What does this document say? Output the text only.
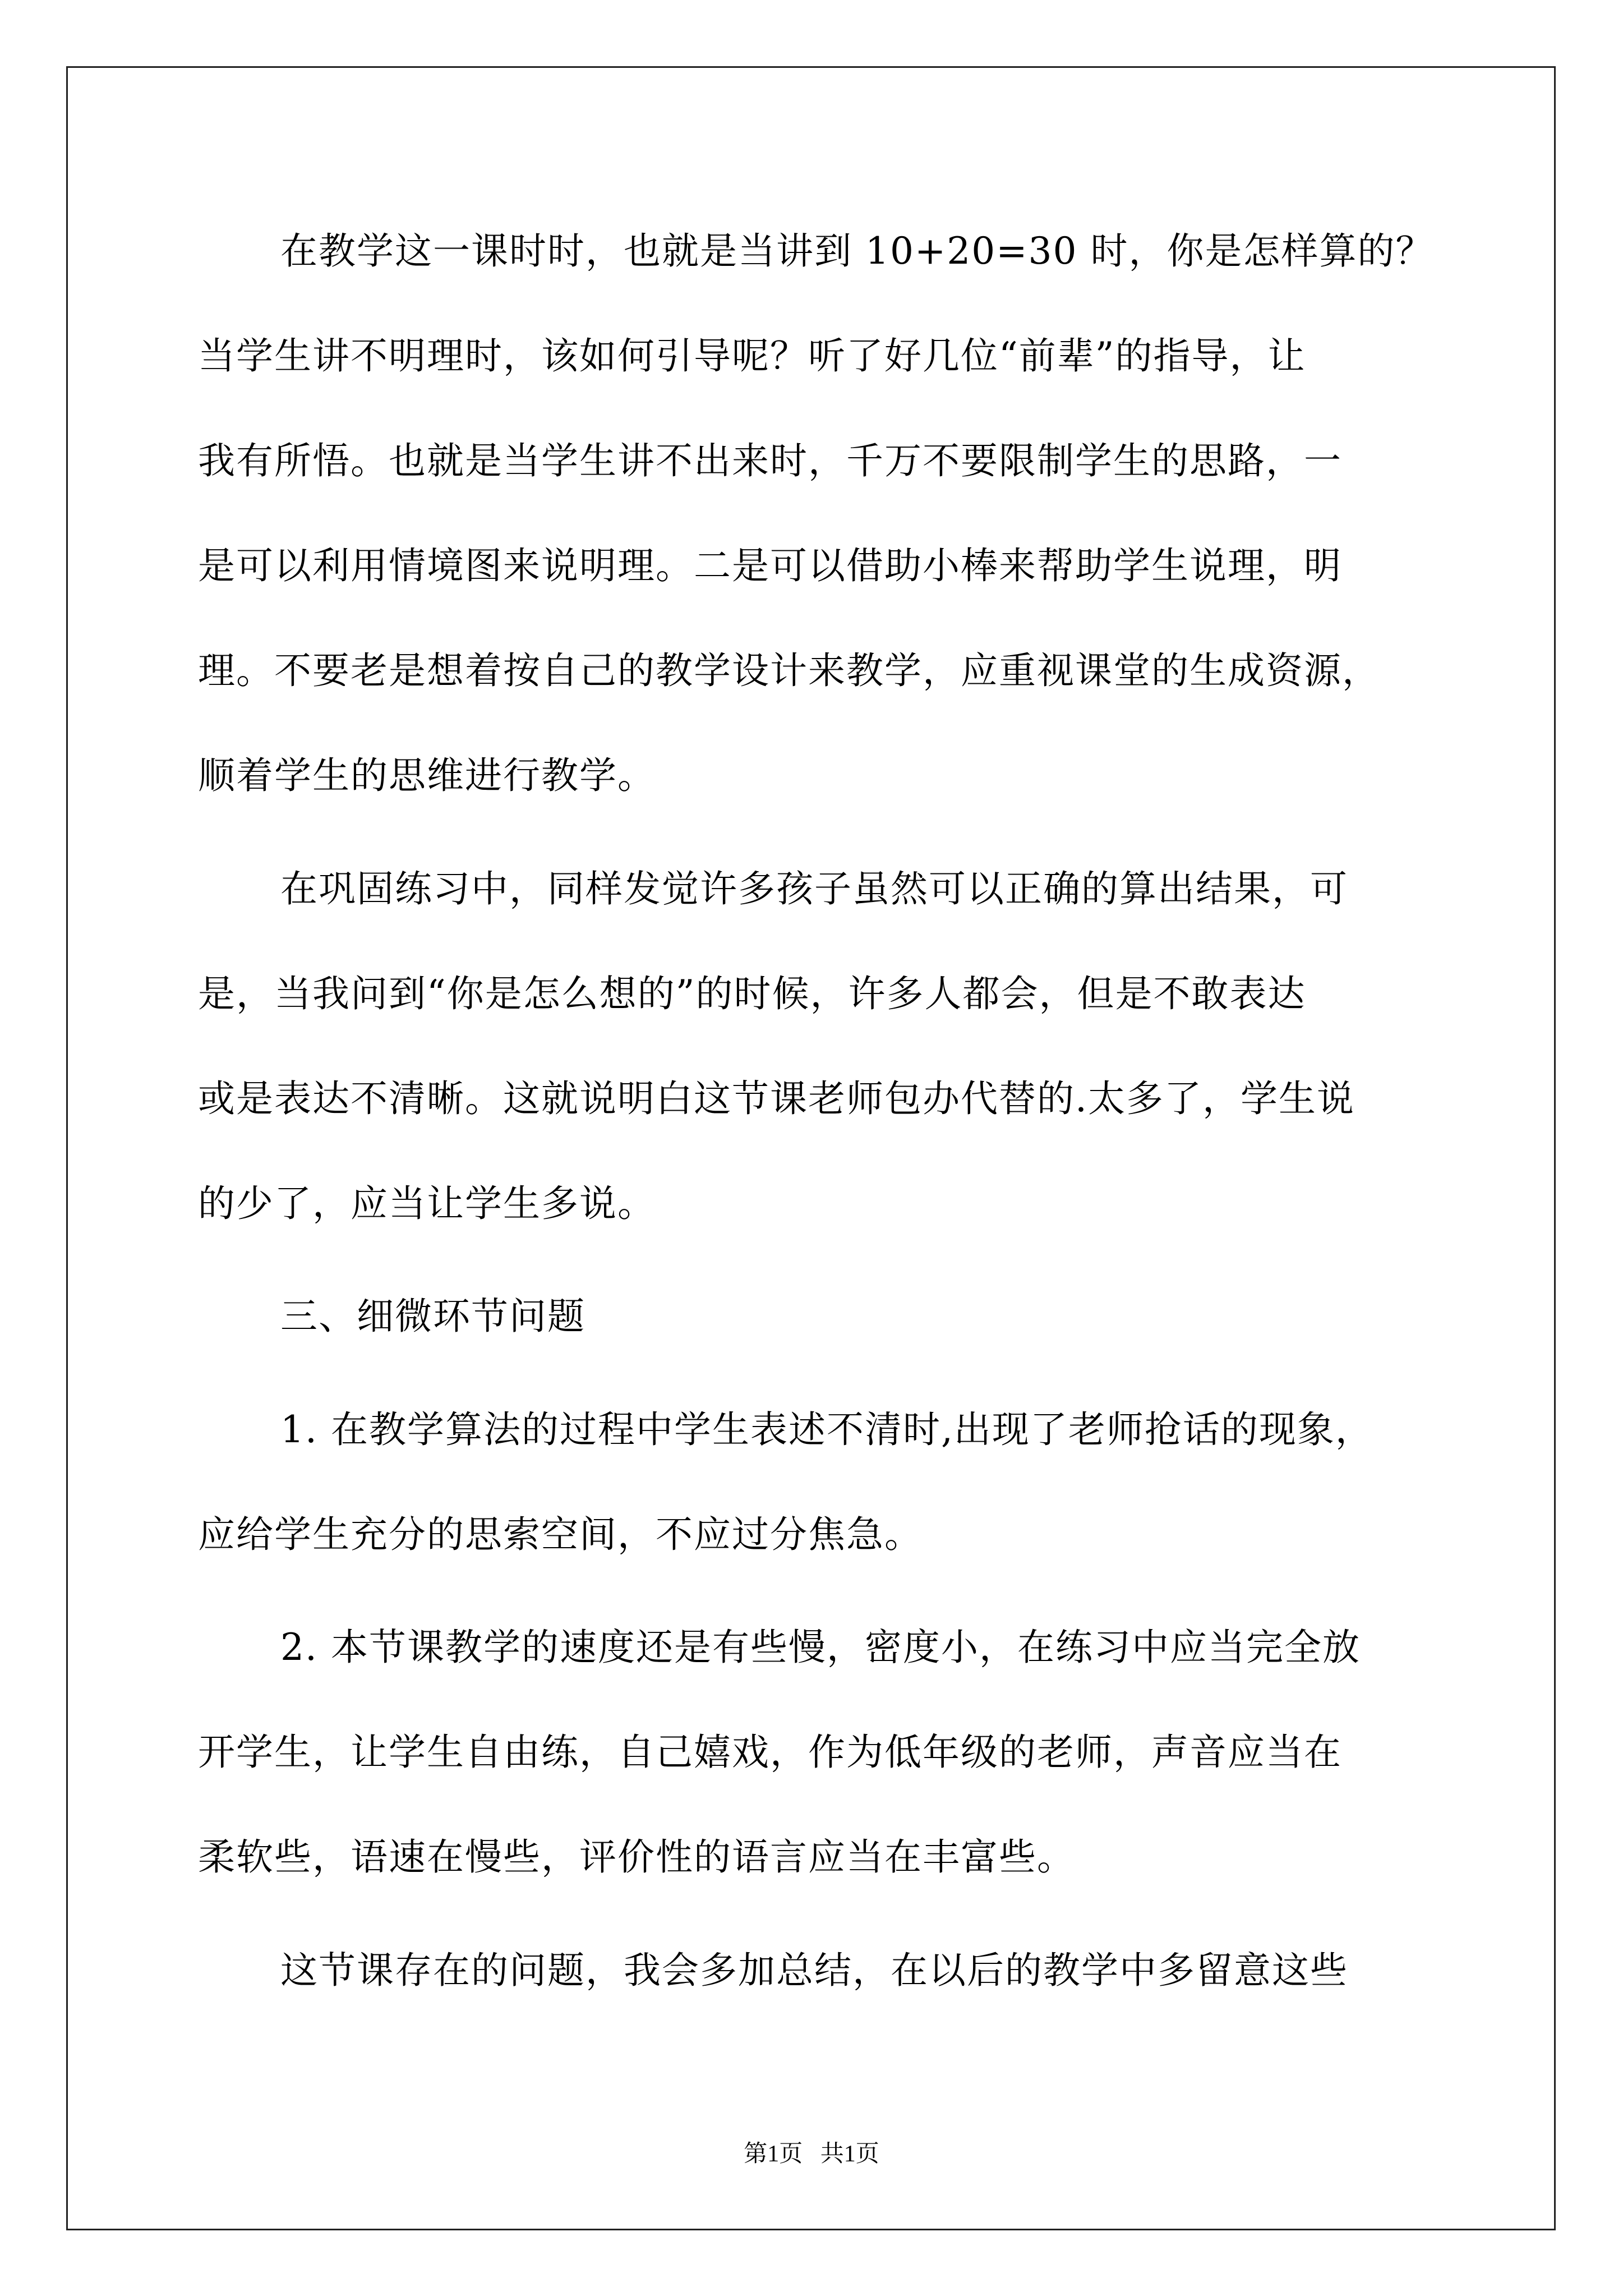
在教学这一课时时，也就是当讲到 10+20=30 时，你是怎样算的？
当学生讲不明理时，该如何引导呢？听了好几位“前辈”的指导，让
我有所悟。也就是当学生讲不出来时，千万不要限制学生的思路，一
是可以利用情境图来说明理。二是可以借助小棒来帮助学生说理，明
理。不要老是想着按自己的教学设计来教学，应重视课堂的生成资源，
顺着学生的思维进行教学。
在巩固练习中，同样发觉许多孩子虽然可以正确的算出结果，可
是，当我问到“你是怎么想的”的时候，许多人都会，但是不敢表达
或是表达不清晰。这就说明白这节课老师包办代替的.太多了，学生说
的少了，应当让学生多说。
三、细微环节问题
1. 在教学算法的过程中学生表述不清时,出现了老师抢话的现象，
应给学生充分的思索空间，不应过分焦急。
2. 本节课教学的速度还是有些慢，密度小，在练习中应当完全放
开学生，让学生自由练，自己嬉戏，作为低年级的老师，声音应当在
柔软些，语速在慢些，评价性的语言应当在丰富些。
这节课存在的问题，我会多加总结，在以后的教学中多留意这些
第1页   共1页
